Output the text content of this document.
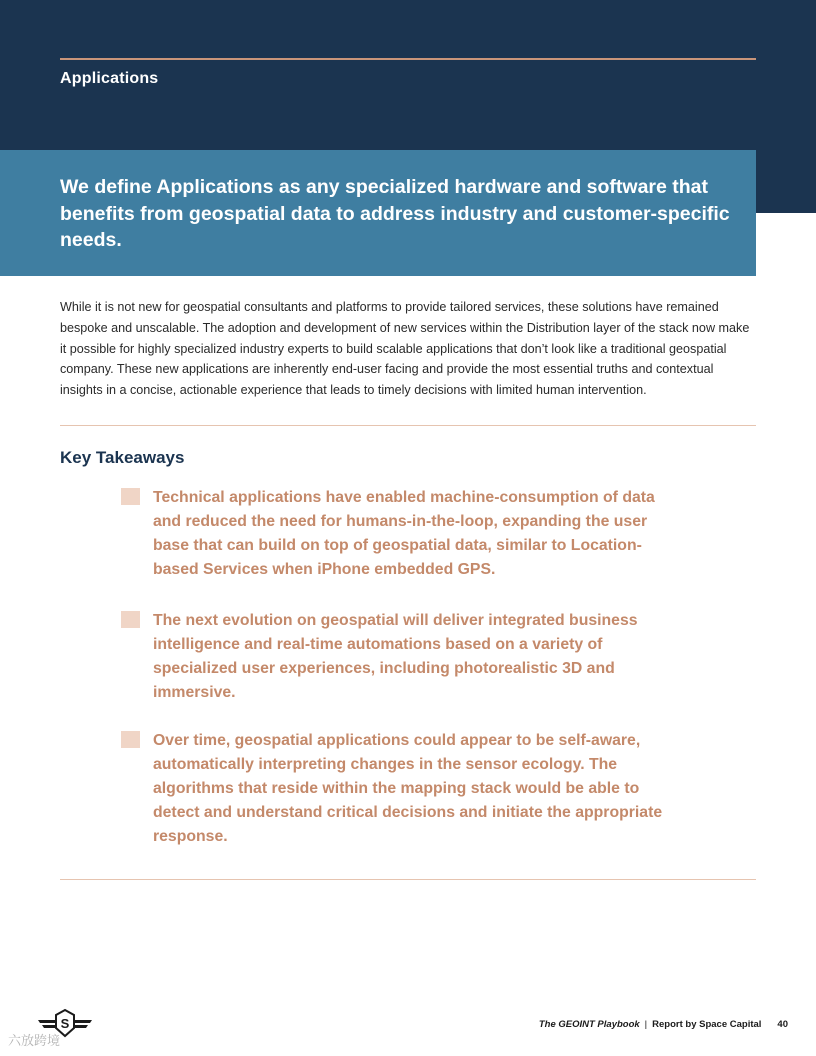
Applications
We define Applications as any specialized hardware and software that benefits from geospatial data to address industry and customer-specific needs.

While it is not new for geospatial consultants and platforms to provide tailored services, these solutions have remained bespoke and unscalable. The adoption and development of new services within the Distribution layer of the stack now make it possible for highly specialized industry experts to build scalable applications that don’t look like a traditional geospatial company. These new applications are inherently end-user facing and provide the most essential truths and contextual insights in a concise, actionable experience that leads to timely decisions with limited human intervention.

Key Takeaways
Technical applications have enabled machine-consumption of data and reduced the need for humans-in-the-loop, expanding the user base that can build on top of geospatial data, similar to Location-based Services when iPhone embedded GPS.
The next evolution on geospatial will deliver integrated business intelligence and real-time automations based on a variety of specialized user experiences, including photorealistic 3D and immersive.
Over time, geospatial applications could appear to be self-aware, automatically interpreting changes in the sensor ecology. The algorithms that reside within the mapping stack would be able to detect and understand critical decisions and initiate the appropriate response.
S
六放跨境
The GEOINT Playbook | Report by Space Capital 40
